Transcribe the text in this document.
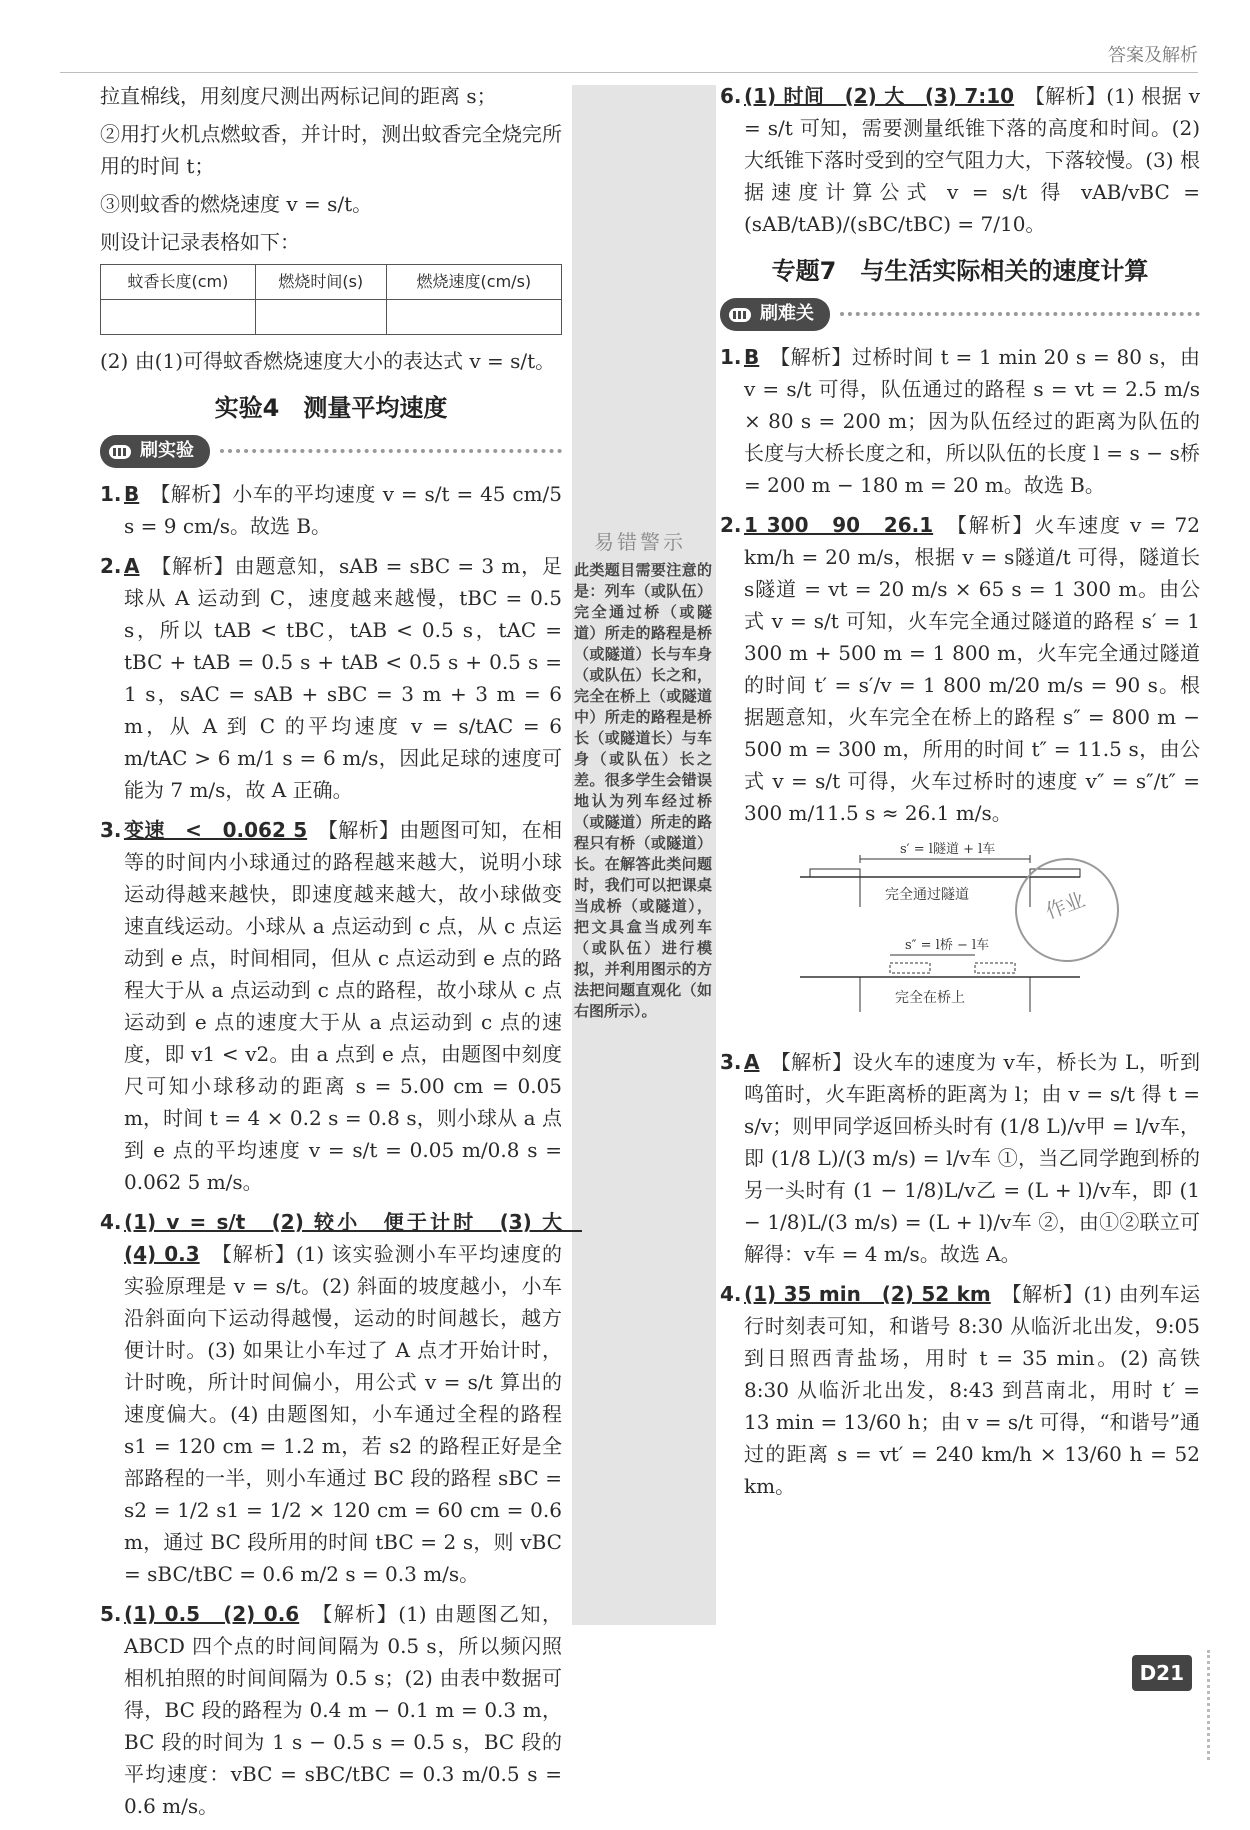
答案及解析
易错警示
此类题目需要注意的是：列车（或队伍）完全通过桥（或隧道）所走的路程是桥（或隧道）长与车身（或队伍）长之和，完全在桥上（或隧道中）所走的路程是桥长（或隧道长）与车身（或队伍）长之差。很多学生会错误地认为列车经过桥（或隧道）所走的路程只有桥（或隧道）长。在解答此类问题时，我们可以把课桌当成桥（或隧道），把文具盒当成列车（或队伍）进行模拟，并利用图示的方法把问题直观化（如右图所示）。

拉直棉线，用刻度尺测出两标记间的距离 s；

②用打火机点燃蚊香，并计时，测出蚊香完全烧完所用的时间 t；

③则蚊香的燃烧速度 v = s/t。

则设计记录表格如下：

蚊香长度(cm)	燃烧时间(s)	燃烧速度(cm/s)

(2) 由(1)可得蚊香燃烧速度大小的表达式 v = s/t。

实验4　测量平均速度
刷实验
1. B　 【解析】小车的平均速度 v = s/t = 45 cm/5 s = 9 cm/s。故选 B。
2. A　 【解析】由题意知，sAB = sBC = 3 m，足球从 A 运动到 C，速度越来越慢，tBC = 0.5 s，所以 tAB < tBC，tAB < 0.5 s，tAC = tBC + tAB = 0.5 s + tAB < 0.5 s + 0.5 s = 1 s，sAC = sAB + sBC = 3 m + 3 m = 6 m，从 A 到 C 的平均速度 v = s/tAC = 6 m/tAC > 6 m/1 s = 6 m/s，因此足球的速度可能为 7 m/s，故 A 正确。
3. 变速　<　0.062 5　 【解析】由题图可知，在相等的时间内小球通过的路程越来越大，说明小球运动得越来越快，即速度越来越大，故小球做变速直线运动。小球从 a 点运动到 c 点，从 c 点运动到 e 点，时间相同，但从 c 点运动到 e 点的路程大于从 a 点运动到 c 点的路程，故小球从 c 点运动到 e 点的速度大于从 a 点运动到 c 点的速度，即 v1 < v2。由 a 点到 e 点，由题图中刻度尺可知小球移动的距离 s = 5.00 cm = 0.05 m，时间 t = 4 × 0.2 s = 0.8 s，则小球从 a 点到 e 点的平均速度 v = s/t = 0.05 m/0.8 s = 0.062 5 m/s。
4. (1) v = s/t　(2) 较小　便于计时　(3) 大　(4) 0.3　 【解析】(1) 该实验测小车平均速度的实验原理是 v = s/t。(2) 斜面的坡度越小，小车沿斜面向下运动得越慢，运动的时间越长，越方便计时。(3) 如果让小车过了 A 点才开始计时，计时晚，所计时间偏小，用公式 v = s/t 算出的速度偏大。(4) 由题图知，小车通过全程的路程 s1 = 120 cm = 1.2 m，若 s2 的路程正好是全部路程的一半，则小车通过 BC 段的路程 sBC = s2 = 1/2 s1 = 1/2 × 120 cm = 60 cm = 0.6 m，通过 BC 段所用的时间 tBC = 2 s，则 vBC = sBC/tBC = 0.6 m/2 s = 0.3 m/s。
5. (1) 0.5　(2) 0.6　 【解析】(1) 由题图乙知，ABCD 四个点的时间间隔为 0.5 s，所以频闪照相机拍照的时间间隔为 0.5 s；(2) 由表中数据可得，BC 段的路程为 0.4 m − 0.1 m = 0.3 m，BC 段的时间为 1 s − 0.5 s = 0.5 s，BC 段的平均速度：vBC = sBC/tBC = 0.3 m/0.5 s = 0.6 m/s。
6. (1) 时间　(2) 大　(3) 7:10　 【解析】(1) 根据 v = s/t 可知，需要测量纸锥下落的高度和时间。(2) 大纸锥下落时受到的空气阻力大，下落较慢。(3) 根据速度计算公式 v = s/t 得 vAB/vBC = (sAB/tAB)/(sBC/tBC) = 7/10。
专题7　与生活实际相关的速度计算
刷难关
1. B　 【解析】过桥时间 t = 1 min 20 s = 80 s，由 v = s/t 可得，队伍通过的路程 s = vt = 2.5 m/s × 80 s = 200 m；因为队伍经过的距离为队伍的长度与大桥长度之和，所以队伍的长度 l = s − s桥 = 200 m − 180 m = 20 m。故选 B。
2. 1 300　90　26.1　 【解析】火车速度 v = 72 km/h = 20 m/s，根据 v = s隧道/t 可得，隧道长 s隧道 = vt = 20 m/s × 65 s = 1 300 m。由公式 v = s/t 可知，火车完全通过隧道的路程 s′ = 1 300 m + 500 m = 1 800 m，火车完全通过隧道的时间 t′ = s′/v = 1 800 m/20 m/s = 90 s。根据题意知，火车完全在桥上的路程 s″ = 800 m − 500 m = 300 m，所用的时间 t″ = 11.5 s，由公式 v = s/t 可得，火车过桥时的速度 v″ = s″/t″ = 300 m/11.5 s ≈ 26.1 m/s。
s′ = l隧道 + l车
完全通过隧道
s″ = l桥 − l车
完全在桥上
3. A　 【解析】设火车的速度为 v车，桥长为 L，听到鸣笛时，火车距离桥的距离为 l；由 v = s/t 得 t = s/v；则甲同学返回桥头时有 (1/8 L)/v甲 = l/v车，即 (1/8 L)/(3 m/s) = l/v车 ①，当乙同学跑到桥的另一头时有 (1 − 1/8)L/v乙 = (L + l)/v车，即 (1 − 1/8)L/(3 m/s) = (L + l)/v车 ②，由①②联立可解得：v车 = 4 m/s。故选 A。
4. (1) 35 min　(2) 52 km　 【解析】(1) 由列车运行时刻表可知，和谐号 8:30 从临沂北出发，9:05 到日照西青盐场，用时 t = 35 min。(2) 高铁 8:30 从临沂北出发，8:43 到莒南北，用时 t′ = 13 min = 13/60 h；由 v = s/t 可得，“和谐号”通过的距离 s = vt′ = 240 km/h × 13/60 h = 52 km。
作业
D21
